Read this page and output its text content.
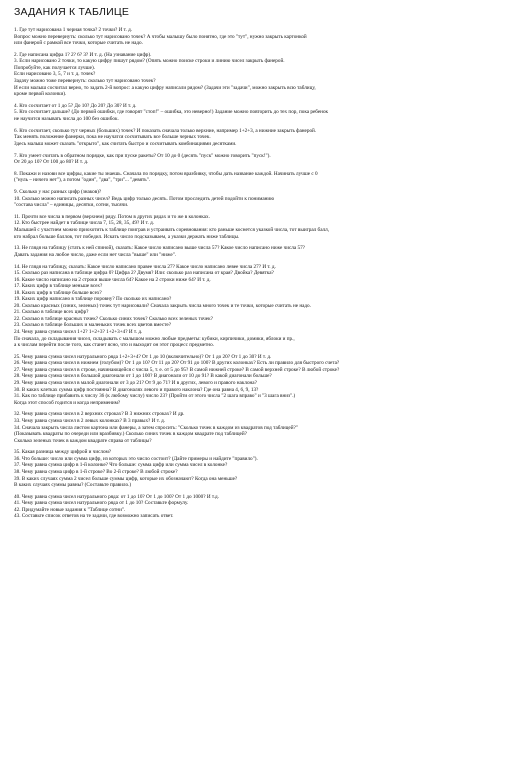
ЗАДАНИЯ К ТАБЛИЦЕ
1. Где тут нарисована 1 черная точка? 2 точки? И т. д.
Вопрос можно перевернуть: сколько тут нарисовано точек? А чтобы малышу было понятно, где это "тут", нужно закрыть картонкой
или фанерой с рамкой все точки, которые считать не надо.
2. Где написана цифра 1? 2? 6? 3? И т. д. (На узнавание цифр).
3. Если нарисовано 2 точки, то какую цифру пишут рядом? (Опять можно поиске строки и линию чисел закрыть фанерой.
Попробуйте, как получается лучше).
Если нарисовано 3, 5, 7 и т. д. точек?
Задачу можно тоже перевернуть: сколько тут нарисовано точек?
И если малыш сосчитал верно, то задать 2-й вопрос: а какую цифру написали рядом? (Задачи эти "задачи", можно закрыть всю таблицу,
кроме первой колонки).
4. Кто сосчитает от 1 до 5? До 10? До 20? До 30? И т. д.
5. Кто сосчитает дальше? (До первой ошибки, где говорят "стоп!" – ошибка, это неверно!) Задание можно повторить до тех пор, пока ребенок
не научится называть числа до 100 без ошибок.
6. Кто сосчитает, сколько тут черных (больших) точек? И показать сначала только верхние, например 1+2+3, а нижние закрыть фанерой.
Так менять положение фанерки, пока не научатся сосчитывать все больше черных точек.
Здесь малыш может сказать "открыто", как считать быстро и сосчитывать комбинациями десятками.
7. Кто умеет считать в обратном порядке, как при пуске ракеты? От 10 до 0 (десять "пуск" можно говорить "пуск!").
От 20 до 10? От 100 до 80? И т. д.
8. Покажи и назови все цифры, какие ты знаешь. Сначала по порядку, потом вразбивку, чтобы дать название каждой. Начинать лучше с 0
("нуль – ничего нет"), а потом "один", "два", "три"... "девять".
9. Сколько у нас разных цифр (знаков)?
10. Сколько можно написать разных чисел? Ведь цифр только десять. Потом проследить детей подойти к пониманию
"состава числа" – единицы, десятки, сотни, тысячи.
11. Прочти все числа в первом (верхнем) ряду. Потом в других рядах и то же в колонках.
12. Кто быстрее найдет в таблице числа 7, 15, 28, 35, 49? И т. д.
Малышей с участием можно приохотить к таблице поиграв и устраивать соревнования: кто раньше коснется указкой числа, тот выиграл балл,
кто набрал больше баллов, тот победил. Искать число подсказываем, а указки держать ниже таблицы.
13. Не глядя на таблицу (стать к ней спиной), сказать: Какое число написано выше числа 57? Какое число написано ниже числа 57?
Давать задания на любое число, даже если нет числа "выше" или "ниже".
14. Не глядя на таблицу, сказать: Какое число написано правее числа 27? Какое число написано левее числа 27? И т. д.
15. Сколько раз написана в таблице цифра 0? Цифра 2? Двумя? Или: сколько раз написана от края? Двойка? Девятка?
16. Какое число написано на 2 строки выше числа 64? Какое на 2 строки ниже 64? И т. д.
17. Каких цифр в таблице меньше всех?
18. Каких цифр в таблице больше всех?
19. Каких цифр написано в таблице поровну? По сколько их написано?
20. Сколько красных (синих, зеленых) точек тут нарисовали? Сначала закрыть числа много точек и те точки, которые считать не надо.
21. Сколько в таблице всех цифр?
22. Сколько в таблице красных точек? Сколько синих точек? Сколько всех зеленых точек?
23. Сколько в таблице больших и маленьких точек всех цветов вместе?
24. Чему равна сумма чисел 1+2? 1+2+3? 1+2+3+4? И т. д.
По сначала, до складывания чисел, складывать с малышом можно любые предметы: кубики, кирпичики, домики, яблоки и пр.,
а к числам перейти после того, как станет ясно, что и выходит он этот процесс предметно.
25. Чему равна сумма чисел натурального ряда 1+2+3+4? От 1 до 10 (включительно)? От 1 до 20? От 1 до 30? И т. д.
26. Чему равна сумма чисел в нижнем (голубом)? От 1 до 10? От 11 до 20? От 91 до 100? В других колонках? Есть ли правило для быстрого счета?
27. Чему равна сумма чисел в строке, начинающейся с числа 5, т. е. от 5 до 95? В самой нижней строке? В самой верхней строке? В любой строке?
28. Чему равна сумма чисел в большой диагонали от 1 до 100? В диагонали от 10 до 91? В какой диагонали больше?
29. Чему равна сумма чисел в малой диагонали от 3 до 21? От 9 до 71? И в других, левого и правого наклона?
30. В каких клетках сумма цифр постоянна? В диагоналях левого и правого наклона? Где она равна 4, 6, 9, 13?
31. Как по таблице прибавить к числу 36 (к любому числу) число 23? (Пройти от этого числа "2 шага вправо" и "3 шага вниз".)
Когда этот способ годится и когда неприменим?
32. Чему равна сумма чисел в 2 верхних строках? В 3 нижних строках? И др.
33. Чему равна сумма чисел в 2 левых колонках? В 3 правых? И т. д.
34. Сначала закрыть числа листом картона или фанеры, а затем спросить: "Сколько точек в каждом из квадратов под таблицей?"
(Показывать квадраты по очереди или вразбивку.) Сколько синих точек в каждом квадрате под таблицей?
Сколько зеленых точек в каждом квадрате справа от таблицы?
35. Какая разница между цифрой и числом?
36. Что больше: число или сумма цифр, из которых это число состоит? (Дайте примеры и найдите "правило").
37. Чему равна сумма цифр в 1-й колонке? Что больше: сумма цифр или сумма чисел в колонке?
38. Чему равна сумма цифр в 1-й строке? Во 2-й строке? В любой строке?
39. В каких случаях сумма 2 чисел больше суммы цифр, которые их обозначают? Когда она меньше?
В каких случаях суммы равны? (Составьте правило.)
40. Чему равна сумма чисел натурального ряда: от 1 до 10? От 1 до 100? От 1 до 1000? И т.д.
41. Чему равна сумма чисел натурального ряда от 1 до 10? Составьте формулу.
42. Придумайте новые задания к "Таблице сотни".
43. Составьте список ответов на те задачи, где возможно записать ответ.
